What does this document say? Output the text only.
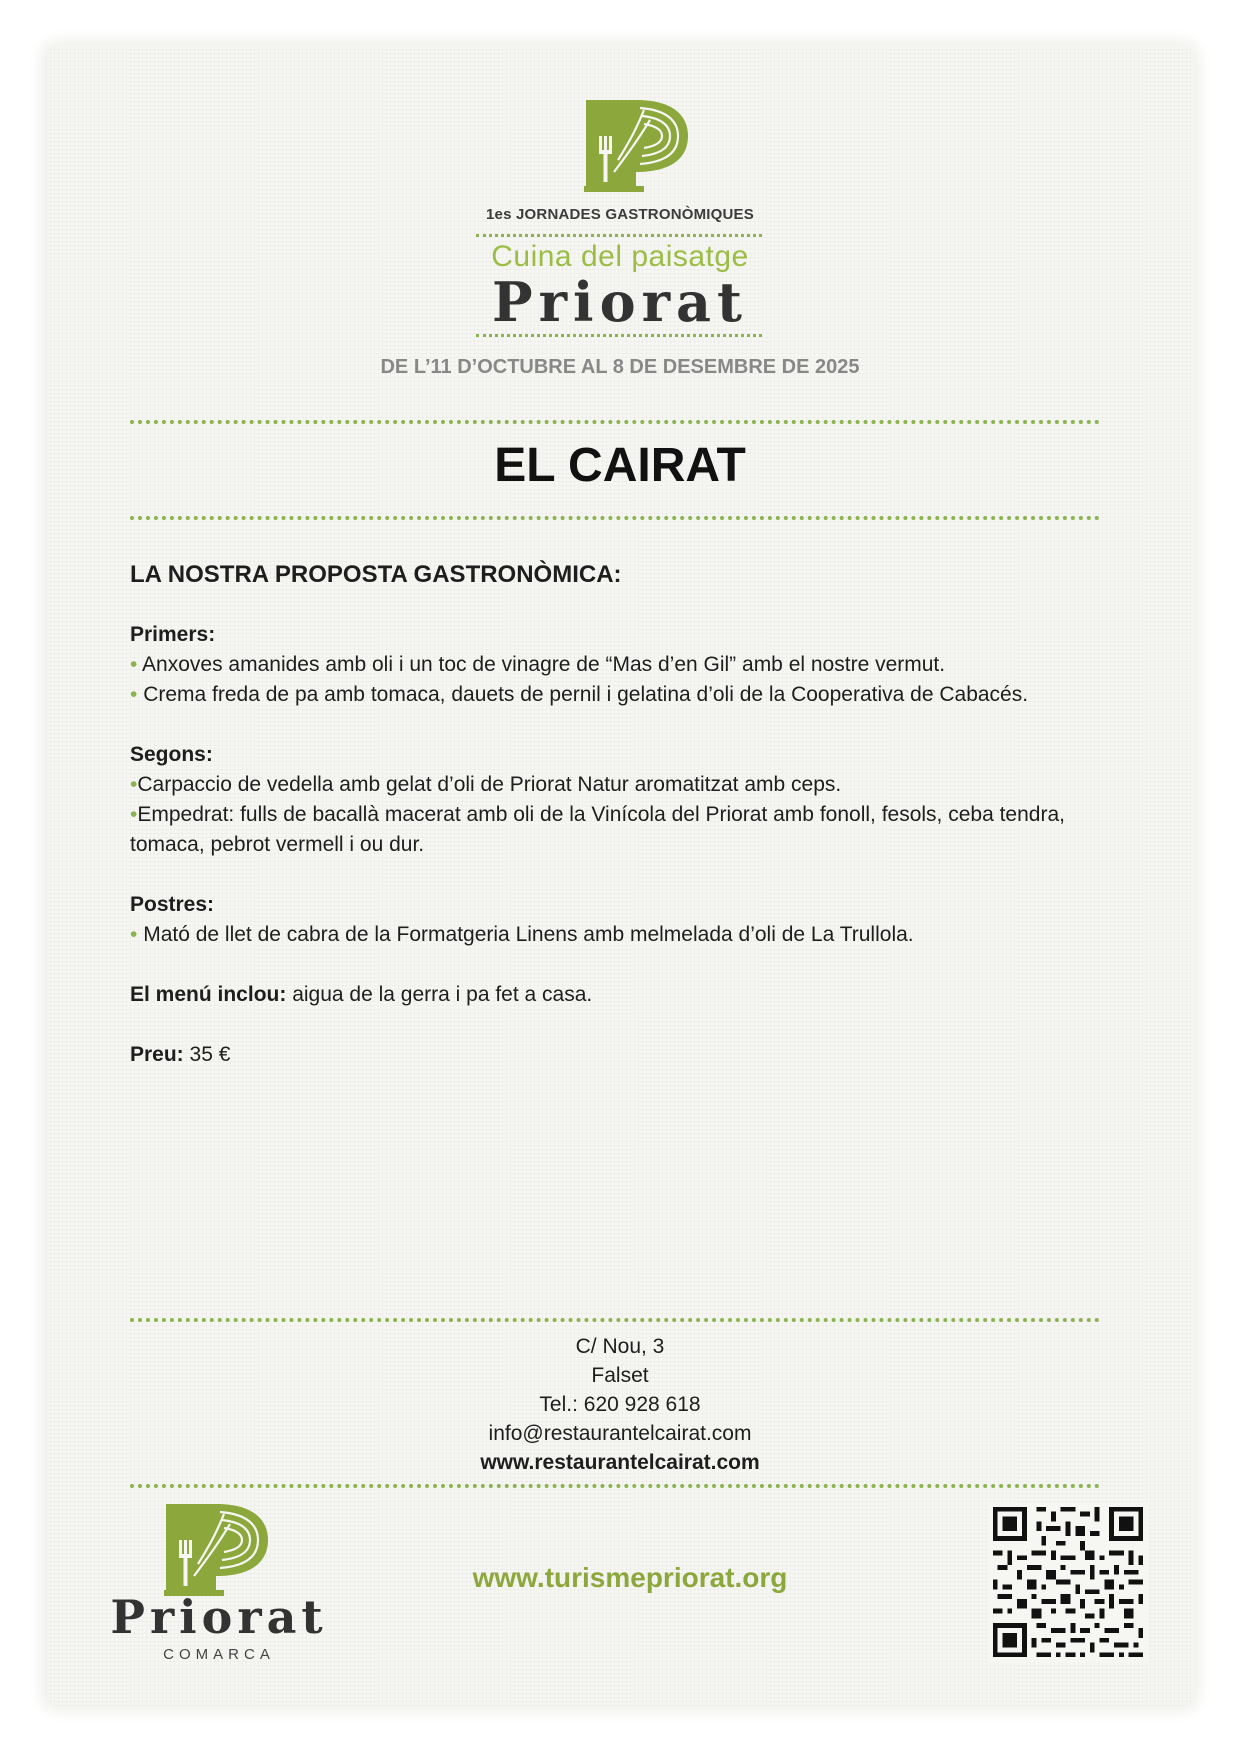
1es JORNADES GASTRONÒMIQUES
Cuina del paisatge
Priorat
DE L’11 D’OCTUBRE AL 8 DE DESEMBRE DE 2025
EL CAIRAT
LA NOSTRA PROPOSTA GASTRONÒMICA:
Primers:
• Anxoves amanides amb oli i un toc de vinagre de “Mas d’en Gil” amb el nostre vermut.
• Crema freda de pa amb tomaca, dauets de pernil i gelatina d’oli de la Cooperativa de Cabacés.
Segons:
•Carpaccio de vedella amb gelat d’oli de Priorat Natur aromatitzat amb ceps.
•Empedrat: fulls de bacallà macerat amb oli de la Vinícola del Priorat amb fonoll, fesols, ceba tendra, tomaca, pebrot vermell i ou dur.
Postres:
• Mató de llet de cabra de la Formatgeria Linens amb melmelada d’oli de La Trullola.
El menú inclou: aigua de la gerra i pa fet a casa.
Preu: 35 €
C/ Nou, 3
Falset
Tel.: 620 928 618
info@restaurantelcairat.com
www.restaurantelcairat.com
Priorat
COMARCA
www.turismepriorat.org
